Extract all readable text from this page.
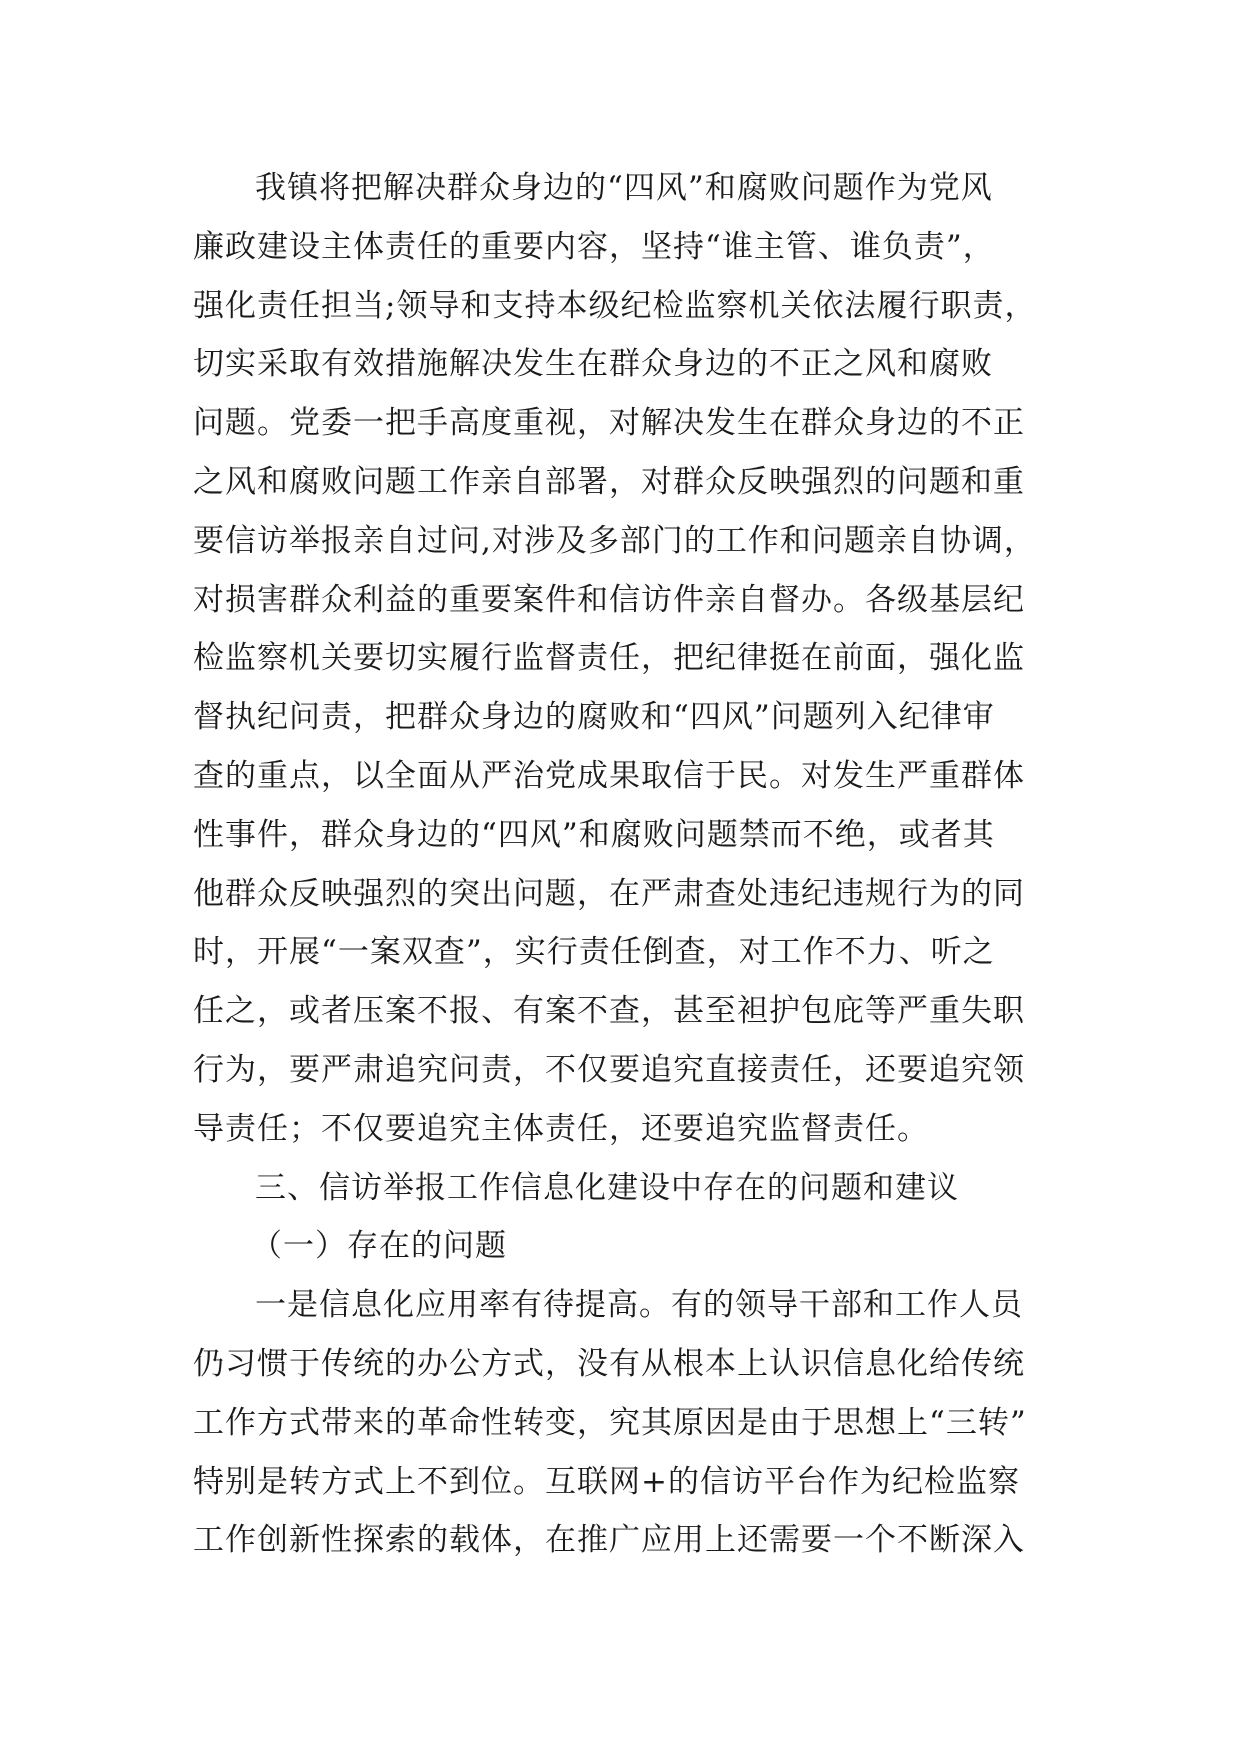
我镇将把解决群众身边的“四风”和腐败问题作为党风
廉政建设主体责任的重要内容，坚持“谁主管、谁负责”，
强化责任担当;领导和支持本级纪检监察机关依法履行职责，
切实采取有效措施解决发生在群众身边的不正之风和腐败
问题。党委一把手高度重视，对解决发生在群众身边的不正
之风和腐败问题工作亲自部署，对群众反映强烈的问题和重
要信访举报亲自过问,对涉及多部门的工作和问题亲自协调，
对损害群众利益的重要案件和信访件亲自督办。各级基层纪
检监察机关要切实履行监督责任，把纪律挺在前面，强化监
督执纪问责，把群众身边的腐败和“四风”问题列入纪律审
查的重点，以全面从严治党成果取信于民。对发生严重群体
性事件，群众身边的“四风”和腐败问题禁而不绝，或者其
他群众反映强烈的突出问题，在严肃查处违纪违规行为的同
时，开展“一案双查”，实行责任倒查，对工作不力、听之
任之，或者压案不报、有案不查，甚至袒护包庇等严重失职
行为，要严肃追究问责，不仅要追究直接责任，还要追究领
导责任；不仅要追究主体责任，还要追究监督责任。
三、信访举报工作信息化建设中存在的问题和建议
（一）存在的问题
一是信息化应用率有待提高。有的领导干部和工作人员
仍习惯于传统的办公方式，没有从根本上认识信息化给传统
工作方式带来的革命性转变，究其原因是由于思想上“三转”
特别是转方式上不到位。互联网+的信访平台作为纪检监察
工作创新性探索的载体，在推广应用上还需要一个不断深入
